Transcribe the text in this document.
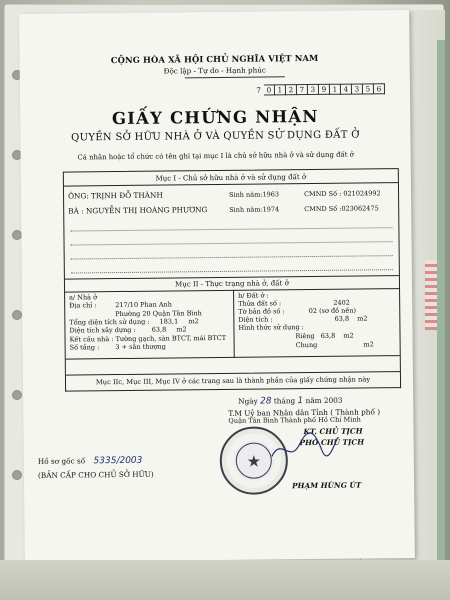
CỘNG HÒA XÃ HỘI CHỦ NGHĨA VIỆT NAM
Độc lập - Tự do - Hạnh phúc
7 0 1 2 7 3 9 1 4 3 5 6
GIẤY CHỨNG NHẬN
QUYỀN SỞ HỮU NHÀ Ở VÀ QUYỀN SỬ DỤNG ĐẤT Ở
Cá nhân hoặc tổ chức có tên ghi tại mục I là chủ sở hữu nhà ở và sử dụng đất ở
Mục I - Chủ sở hữu nhà ở và sử dụng đất ở
ÔNG: TRỊNH ĐỖ THÀNH	Sinh năm:1963	CMND Số : 021024992
BÀ : NGUYỄN THỊ HOÀNG PHƯƠNG	Sinh năm:1974	CMND Số :023062475
Mục II - Thực trạng nhà ở, đất ở
a/ Nhà ở
Địa chỉ :	217/10 Phan Anh
Phường 20 Quận Tân Bình
Tổng diện tích sử dụng : 183,1 m2
Diện tích xây dựng : 63,8 m2
Kết cấu nhà : Tường gạch, sàn BTCT, mái BTCT
Số tầng : 3 + sân thượng
b/ Đất ở :
Thửa đất số :	2402
Tờ bản đồ số :	02 (sơ đồ nền)
Diện tích :	63,8 m2
Hình thức sử dụng :
Riêng 63,8 m2
Chung	m2
Mục IIc, Mục III, Mục IV ở các trang sau là thành phần của giấy chứng nhận này
Ngày 28 tháng 1 năm 2003
T.M Uỷ ban Nhân dân Tỉnh ( Thành phố )
Quận Tân Bình Thành phố Hồ Chí Minh
KT. CHỦ TỊCH
PHÓ CHỦ TỊCH
★
PHẠM HÙNG ÚT
Hồ sơ gốc số 5335/2003
(BẢN CẤP CHO CHỦ SỞ HỮU)
